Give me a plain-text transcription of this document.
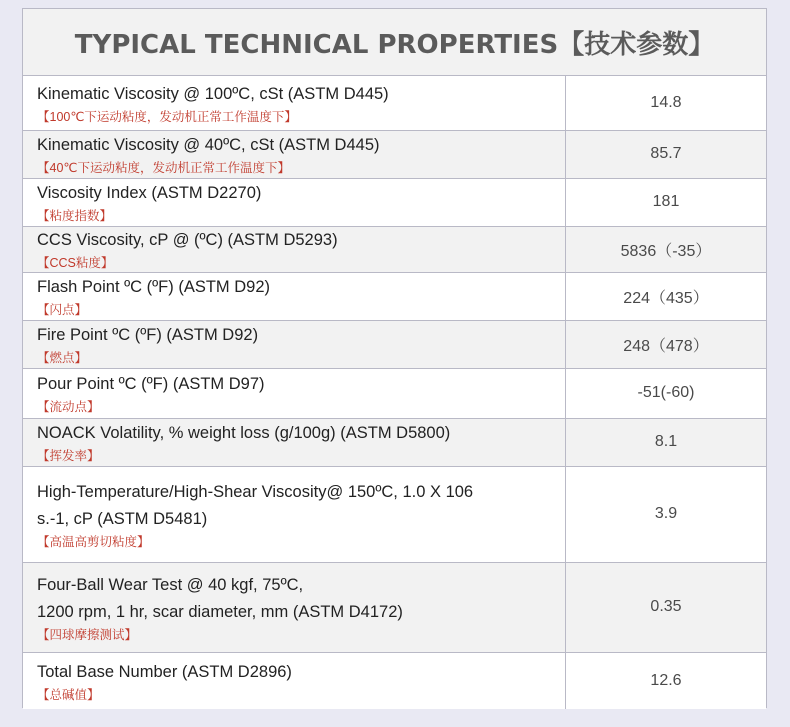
TYPICAL TECHNICAL PROPERTIES【技术参数】
Kinematic Viscosity @ 100ºC, cSt (ASTM D445)
【100℃下运动粘度，发动机正常工作温度下】	14.8

Kinematic Viscosity @ 40ºC, cSt (ASTM D445)
【40℃下运动粘度，发动机正常工作温度下】	85.7

Viscosity Index (ASTM D2270)
【粘度指数】	181

CCS Viscosity, cP @ (ºC) (ASTM D5293)
【CCS粘度】	5836（-35）

Flash Point ºC (ºF) (ASTM D92)
【闪点】	224（435）

Fire Point ºC (ºF) (ASTM D92)
【燃点】	248（478）

Pour Point ºC (ºF) (ASTM D97)
【流动点】	-51(-60)

NOACK Volatility, % weight loss (g/100g) (ASTM D5800)
【挥发率】	8.1

High-Temperature/High-Shear Viscosity@ 150ºC, 1.0 X 106
s.-1, cP (ASTM D5481)
【高温高剪切粘度】	3.9

Four-Ball Wear Test @ 40 kgf, 75ºC,
1200 rpm, 1 hr, scar diameter, mm (ASTM D4172)
【四球摩擦测试】	0.35

Total Base Number (ASTM D2896)
【总碱值】	12.6
